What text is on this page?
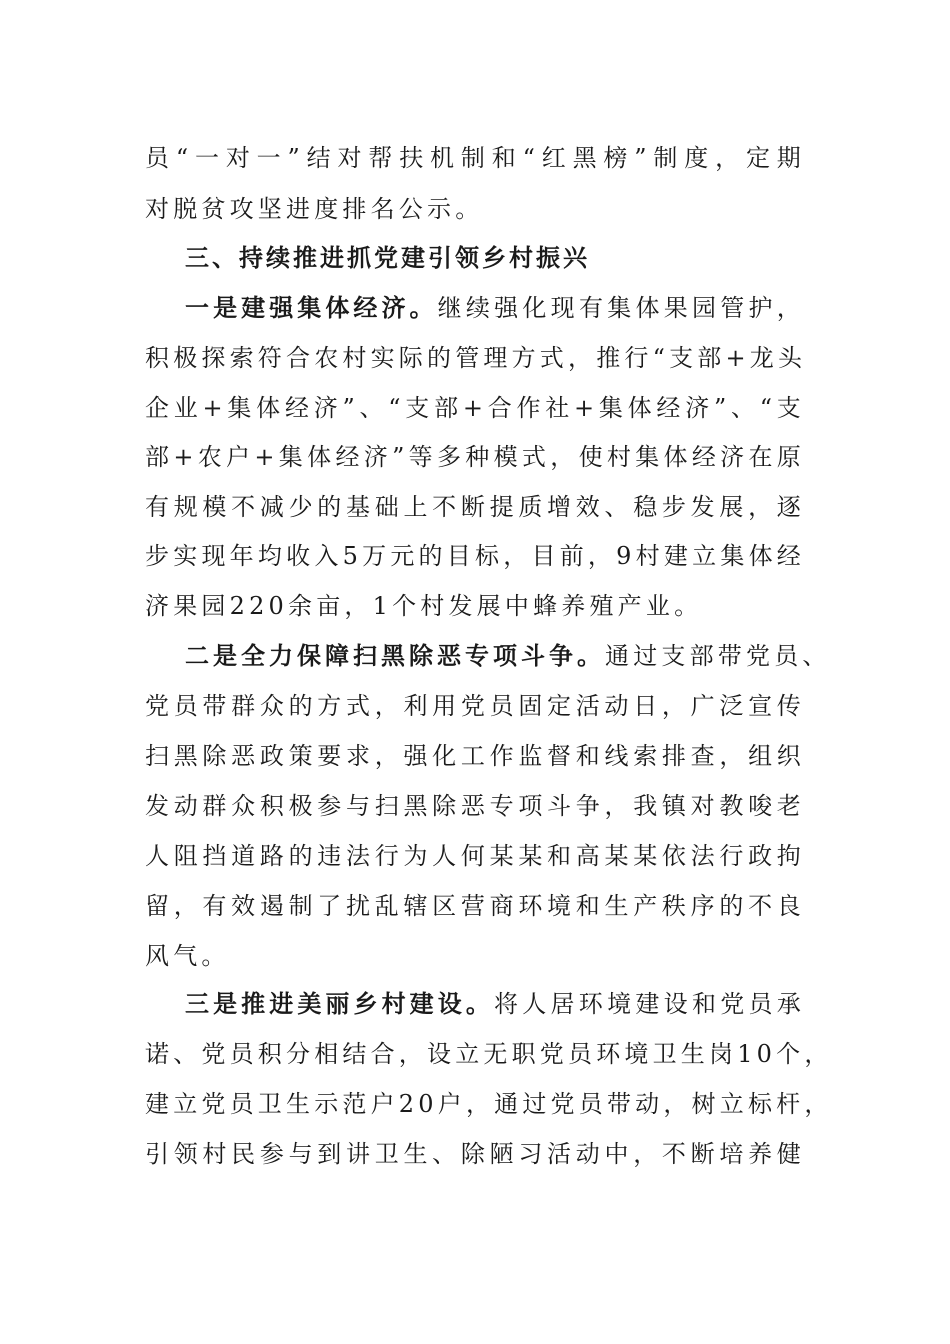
员“一对一”结对帮扶机制和“红黑榜”制度，定期
对脱贫攻坚进度排名公示。
三、持续推进抓党建引领乡村振兴
一是建强集体经济。继续强化现有集体果园管护，
积极探索符合农村实际的管理方式，推行“支部+龙头
企业+集体经济”、“支部+合作社+集体经济”、“支
部+农户+集体经济”等多种模式，使村集体经济在原
有规模不减少的基础上不断提质增效、稳步发展，逐
步实现年均收入5万元的目标，目前，9村建立集体经
济果园220余亩，1个村发展中蜂养殖产业。
二是全力保障扫黑除恶专项斗争。通过支部带党员、
党员带群众的方式，利用党员固定活动日，广泛宣传
扫黑除恶政策要求，强化工作监督和线索排查，组织
发动群众积极参与扫黑除恶专项斗争，我镇对教唆老
人阻挡道路的违法行为人何某某和高某某依法行政拘
留，有效遏制了扰乱辖区营商环境和生产秩序的不良
风气。
三是推进美丽乡村建设。将人居环境建设和党员承
诺、党员积分相结合，设立无职党员环境卫生岗10个，
建立党员卫生示范户20户，通过党员带动，树立标杆，
引领村民参与到讲卫生、除陋习活动中，不断培养健
